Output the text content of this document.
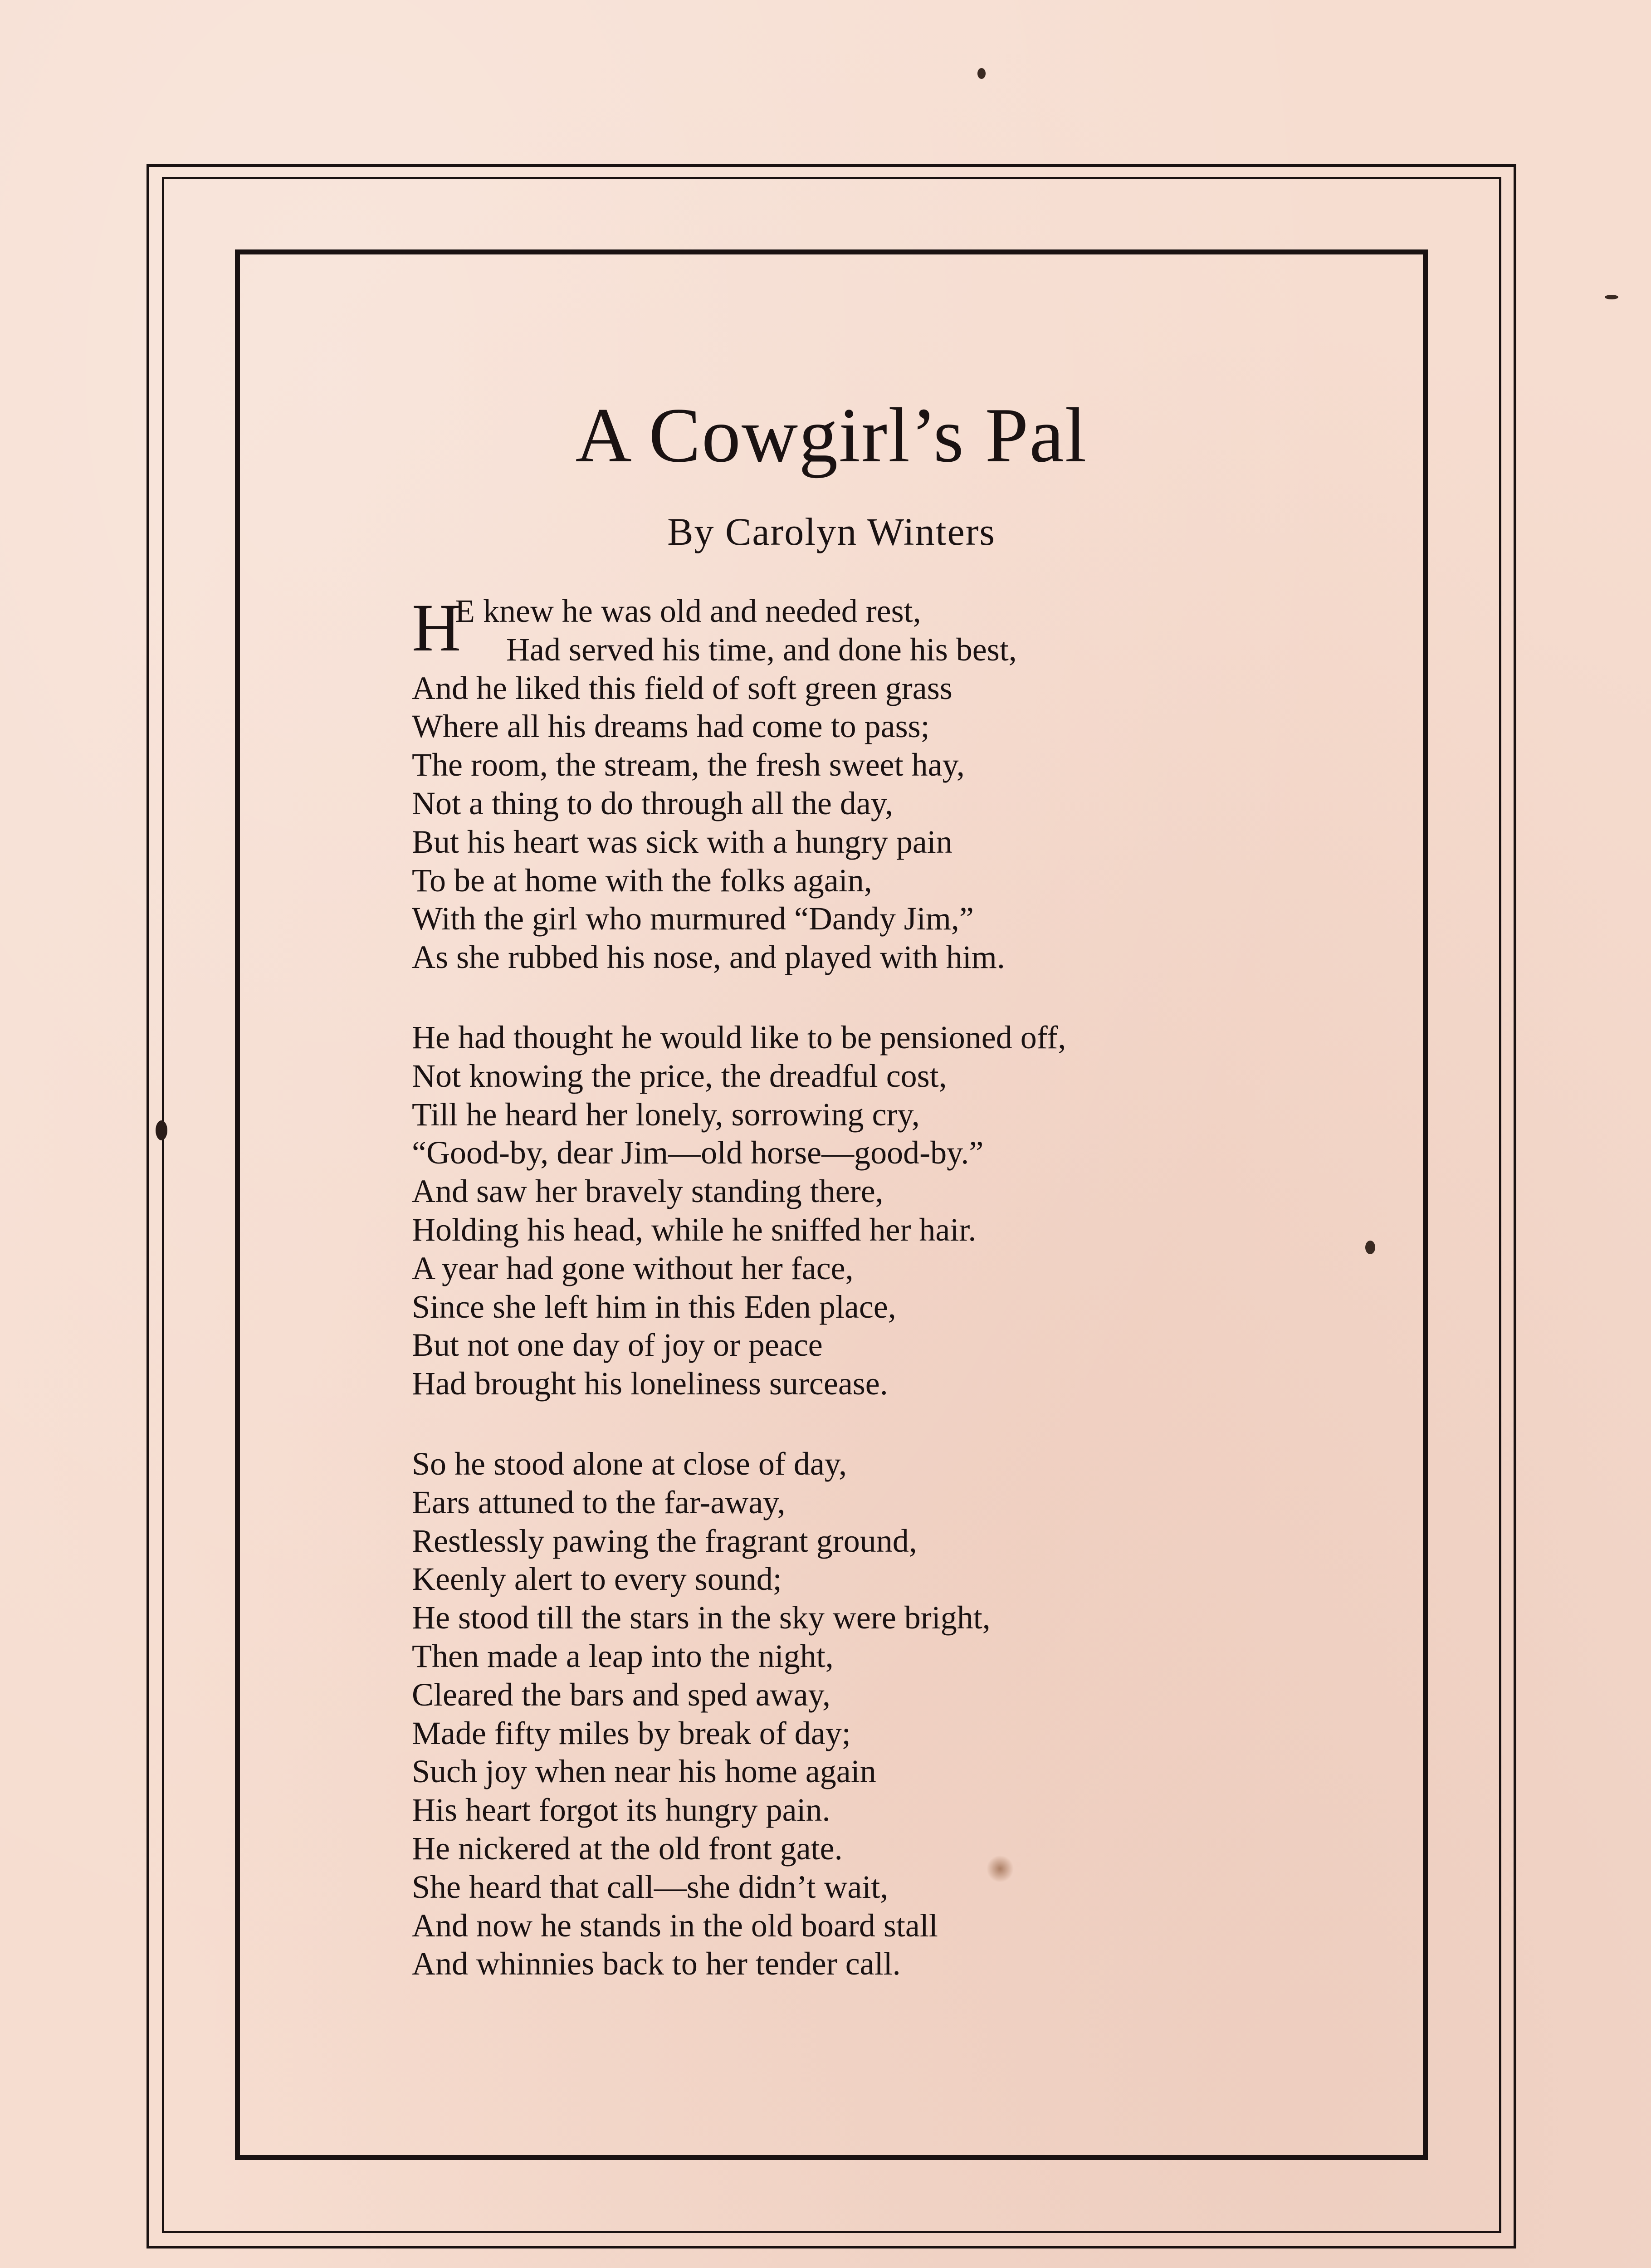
A Cowgirl’s Pal
By Carolyn Winters
H
E knew he was old and needed rest,
Had served his time, and done his best,
And he liked this field of soft green grass
Where all his dreams had come to pass;
The room, the stream, the fresh sweet hay,
Not a thing to do through all the day,
But his heart was sick with a hungry pain
To be at home with the folks again,
With the girl who murmured “Dandy Jim,”
As she rubbed his nose, and played with him.
He had thought he would like to be pensioned off,
Not knowing the price, the dreadful cost,
Till he heard her lonely, sorrowing cry,
“Good-by, dear Jim—old horse—good-by.”
And saw her bravely standing there,
Holding his head, while he sniffed her hair.
A year had gone without her face,
Since she left him in this Eden place,
But not one day of joy or peace
Had brought his loneliness surcease.
So he stood alone at close of day,
Ears attuned to the far-away,
Restlessly pawing the fragrant ground,
Keenly alert to every sound;
He stood till the stars in the sky were bright,
Then made a leap into the night,
Cleared the bars and sped away,
Made fifty miles by break of day;
Such joy when near his home again
His heart forgot its hungry pain.
He nickered at the old front gate.
She heard that call—she didn’t wait,
And now he stands in the old board stall
And whinnies back to her tender call.
